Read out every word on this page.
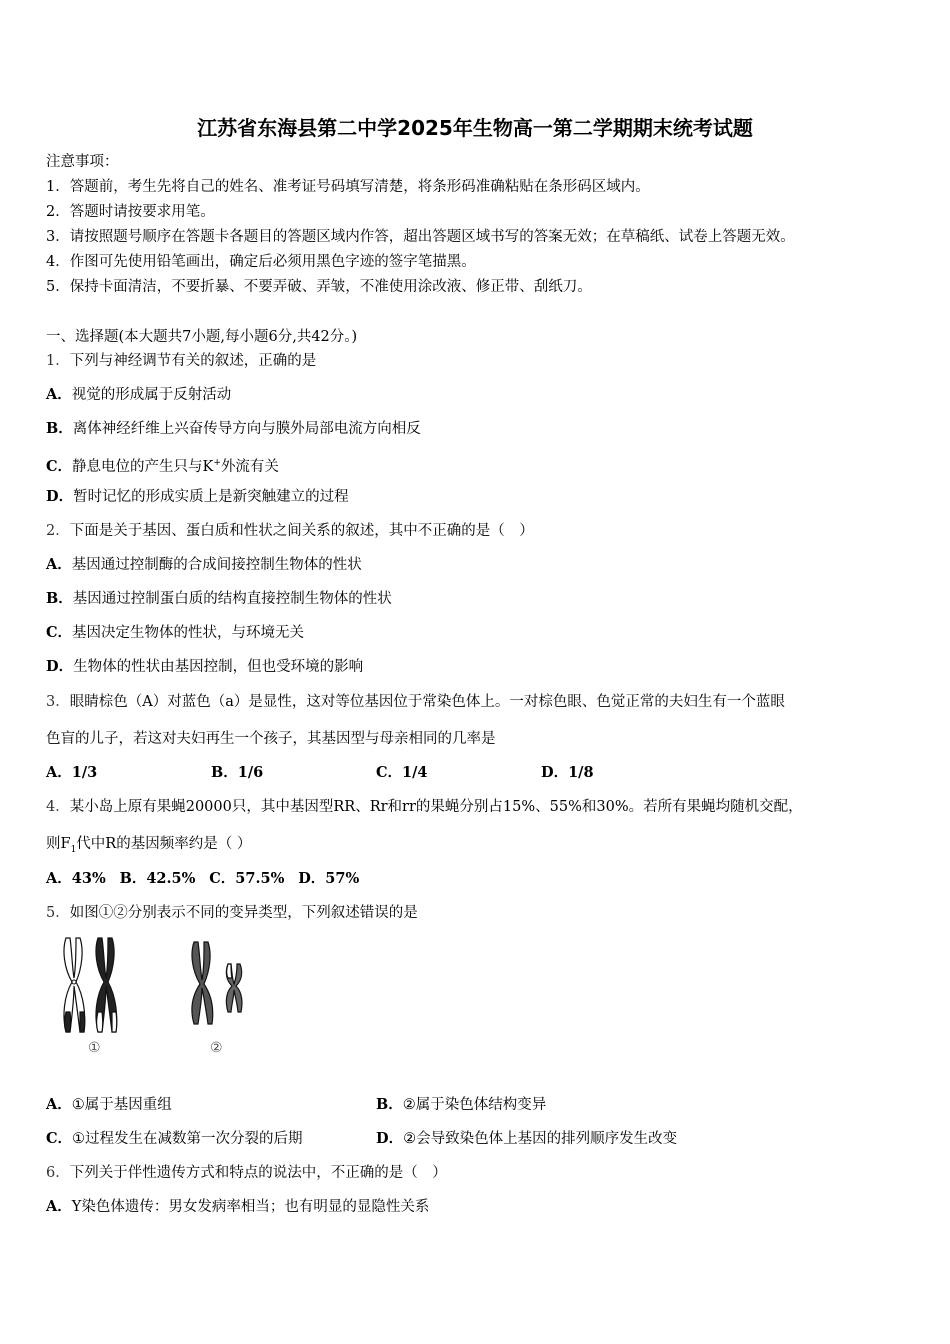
江苏省东海县第二中学2025年生物高一第二学期期末统考试题
注意事项：
1．答题前，考生先将自己的姓名、准考证号码填写清楚，将条形码准确粘贴在条形码区域内。
2．答题时请按要求用笔。
3．请按照题号顺序在答题卡各题目的答题区域内作答，超出答题区域书写的答案无效；在草稿纸、试卷上答题无效。
4．作图可先使用铅笔画出，确定后必须用黑色字迹的签字笔描黑。
5．保持卡面清洁，不要折暴、不要弄破、弄皱，不准使用涂改液、修正带、刮纸刀。
一、选择题(本大题共7小题,每小题6分,共42分。)
1．下列与神经调节有关的叙述，正确的是
A．视觉的形成属于反射活动
B．离体神经纤维上兴奋传导方向与膜外局部电流方向相反
C．静息电位的产生只与K+外流有关
D．暂时记忆的形成实质上是新突触建立的过程
2．下面是关于基因、蛋白质和性状之间关系的叙述，其中不正确的是（　）
A．基因通过控制酶的合成间接控制生物体的性状
B．基因通过控制蛋白质的结构直接控制生物体的性状
C．基因决定生物体的性状，与环境无关
D．生物体的性状由基因控制，但也受环境的影响
3．眼睛棕色（A）对蓝色（a）是显性，这对等位基因位于常染色体上。一对棕色眼、色觉正常的夫妇生有一个蓝眼
色盲的儿子，若这对夫妇再生一个孩子，其基因型与母亲相同的几率是
A．1/3	B．1/6	C．1/4	D．1/8
4．某小岛上原有果蝇20000只，其中基因型RR、Rr和rr的果蝇分别占15%、55%和30%。若所有果蝇均随机交配，
则$F_1$代中R的基因频率约是（ ）
A．43% B．42.5% C．57.5% D．57%
5．如图①②分别表示不同的变异类型，下列叙述错误的是
①	②
A．①属于基因重组	B．②属于染色体结构变异
C．①过程发生在减数第一次分裂的后期	D．②会导致染色体上基因的排列顺序发生改变
6．下列关于伴性遗传方式和特点的说法中，不正确的是（　）
A．Y染色体遗传：男女发病率相当；也有明显的显隐性关系
